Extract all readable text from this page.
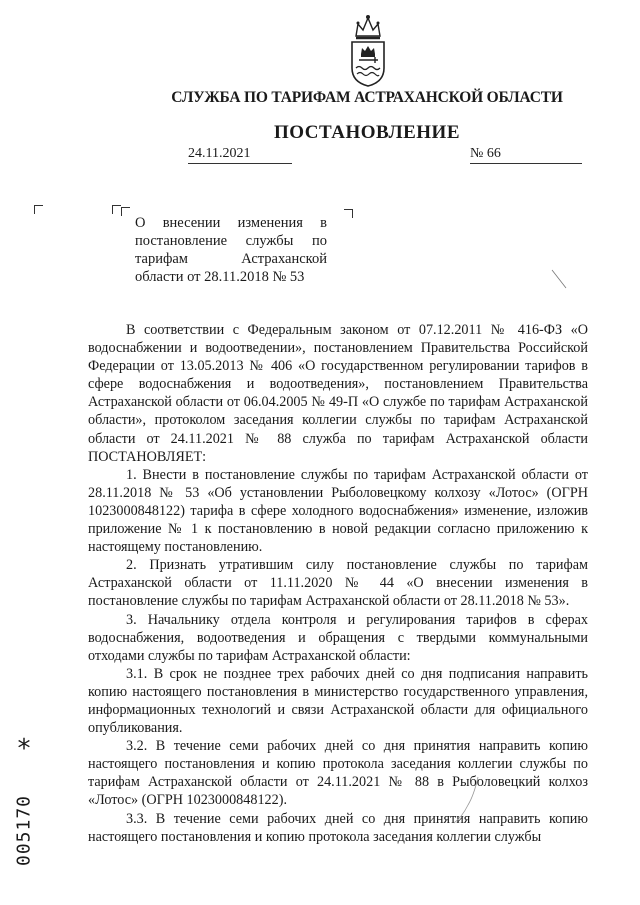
СЛУЖБА ПО ТАРИФАМ АСТРАХАНСКОЙ ОБЛАСТИ
ПОСТАНОВЛЕНИЕ
24.11.2021	№ 66
О внесении изменения в постановление службы по тарифам Астраханской области от 28.11.2018 № 53

В соответствии с Федеральным законом от 07.12.2011 № 416-ФЗ «О водоснабжении и водоотведении», постановлением Правительства Российской Федерации от 13.05.2013 № 406 «О государственном регулировании тарифов в сфере водоснабжения и водоотведения», постановлением Правительства Астраханской области от 06.04.2005 № 49-П «О службе по тарифам Астраханской области», протоколом заседания коллегии службы по тарифам Астраханской области от 24.11.2021 № 88 служба по тарифам Астраханской области ПОСТАНОВЛЯЕТ:

1. Внести в постановление службы по тарифам Астраханской области от 28.11.2018 № 53 «Об установлении Рыболовецкому колхозу «Лотос» (ОГРН 1023000848122) тарифа в сфере холодного водоснабжения» изменение, изложив приложение № 1 к постановлению в новой редакции согласно приложению к настоящему постановлению.

2. Признать утратившим силу постановление службы по тарифам Астраханской области от 11.11.2020 № 44 «О внесении изменения в постановление службы по тарифам Астраханской области от 28.11.2018 № 53».

3. Начальнику отдела контроля и регулирования тарифов в сферах водоснабжения, водоотведения и обращения с твердыми коммунальными отходами службы по тарифам Астраханской области:

3.1. В срок не позднее трех рабочих дней со дня подписания направить копию настоящего постановления в министерство государственного управления, информационных технологий и связи Астраханской области для официального опубликования.

3.2. В течение семи рабочих дней со дня принятия направить копию настоящего постановления и копию протокола заседания коллегии службы по тарифам Астраханской области от 24.11.2021 № 88 в Рыболовецкий колхоз «Лотос» (ОГРН 1023000848122).

3.3. В течение семи рабочих дней со дня принятия направить копию настоящего постановления и копию протокола заседания коллегии службы

*
005170
